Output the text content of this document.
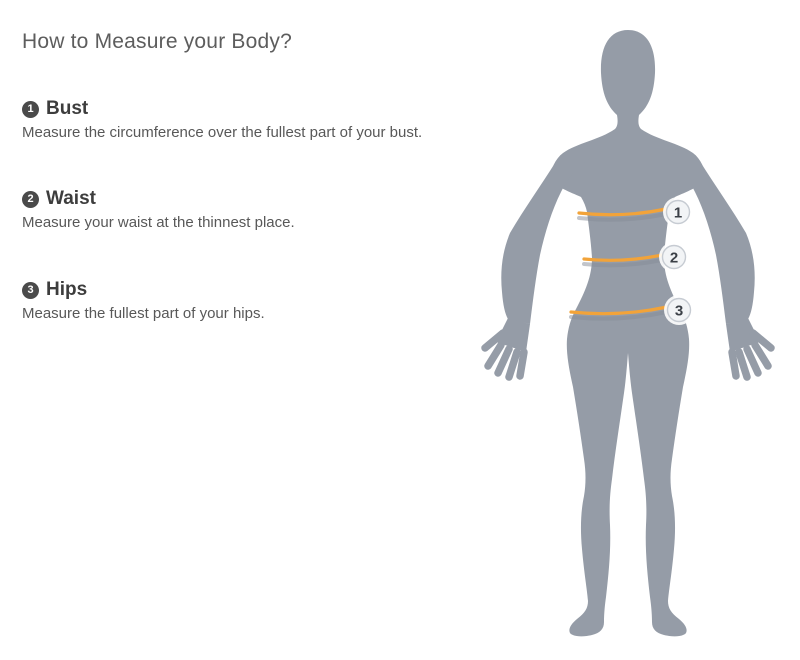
How to Measure your Body?
1 Bust
Measure the circumference over the fullest part of your bust.
2 Waist
Measure your waist at the thinnest place.
3 Hips
Measure the fullest part of your hips.
1
2
3
